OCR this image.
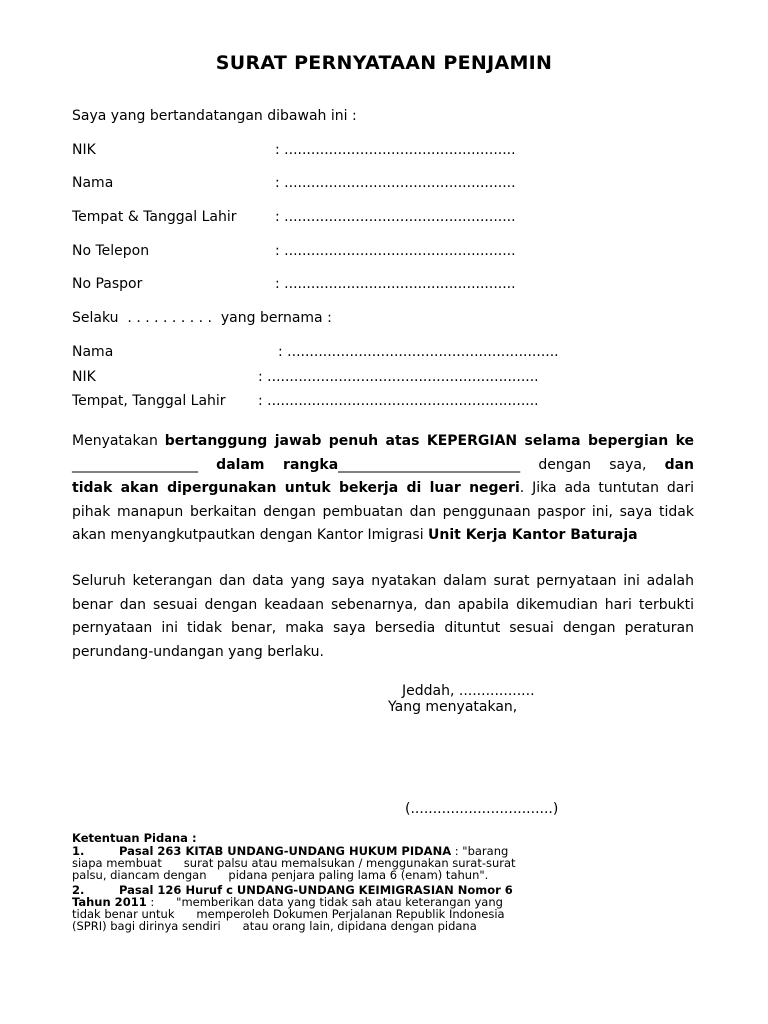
SURAT PERNYATAAN PENJAMIN
Saya yang bertandatangan dibawah ini :
NIK	: ....................................................
Nama	: ....................................................
Tempat & Tanggal Lahir	: ....................................................
No Telepon	: ....................................................
No Paspor	: ....................................................
Selaku  . . . . . . . . . .  yang bernama :
Nama	: .............................................................
NIK	: .............................................................
Tempat, Tanggal Lahir : .............................................................
Menyatakan bertanggung jawab penuh atas KEPERGIAN selama bepergian ke
__________________ dalam rangka__________________________ dengan saya, dan
tidak akan dipergunakan untuk bekerja di luar negeri. Jika ada tuntutan dari pihak manapun berkaitan dengan pembuatan dan penggunaan paspor ini, saya tidak akan menyangkutpautkan dengan Kantor Imigrasi Unit Kerja Kantor Baturaja
Seluruh keterangan dan data yang saya nyatakan dalam surat pernyataan ini adalah benar dan sesuai dengan keadaan sebenarnya, dan apabila dikemudian hari terbukti pernyataan ini tidak benar, maka saya bersedia dituntut sesuai dengan peraturan perundang-undangan yang berlaku.
Jeddah, .................
Yang menyatakan,
(................................)
Ketentuan Pidana :
1.	Pasal 263 KITAB UNDANG-UNDANG HUKUM PIDANA : "barang
siapa membuat      surat palsu atau memalsukan / menggunakan surat-surat
palsu, diancam dengan      pidana penjara paling lama 6 (enam) tahun".
2.	Pasal 126 Huruf c UNDANG-UNDANG KEIMIGRASIAN Nomor 6
Tahun 2011 :      "memberikan data yang tidak sah atau keterangan yang
tidak benar untuk      memperoleh Dokumen Perjalanan Republik Indonesia
(SPRI) bagi dirinya sendiri      atau orang lain, dipidana dengan pidana
